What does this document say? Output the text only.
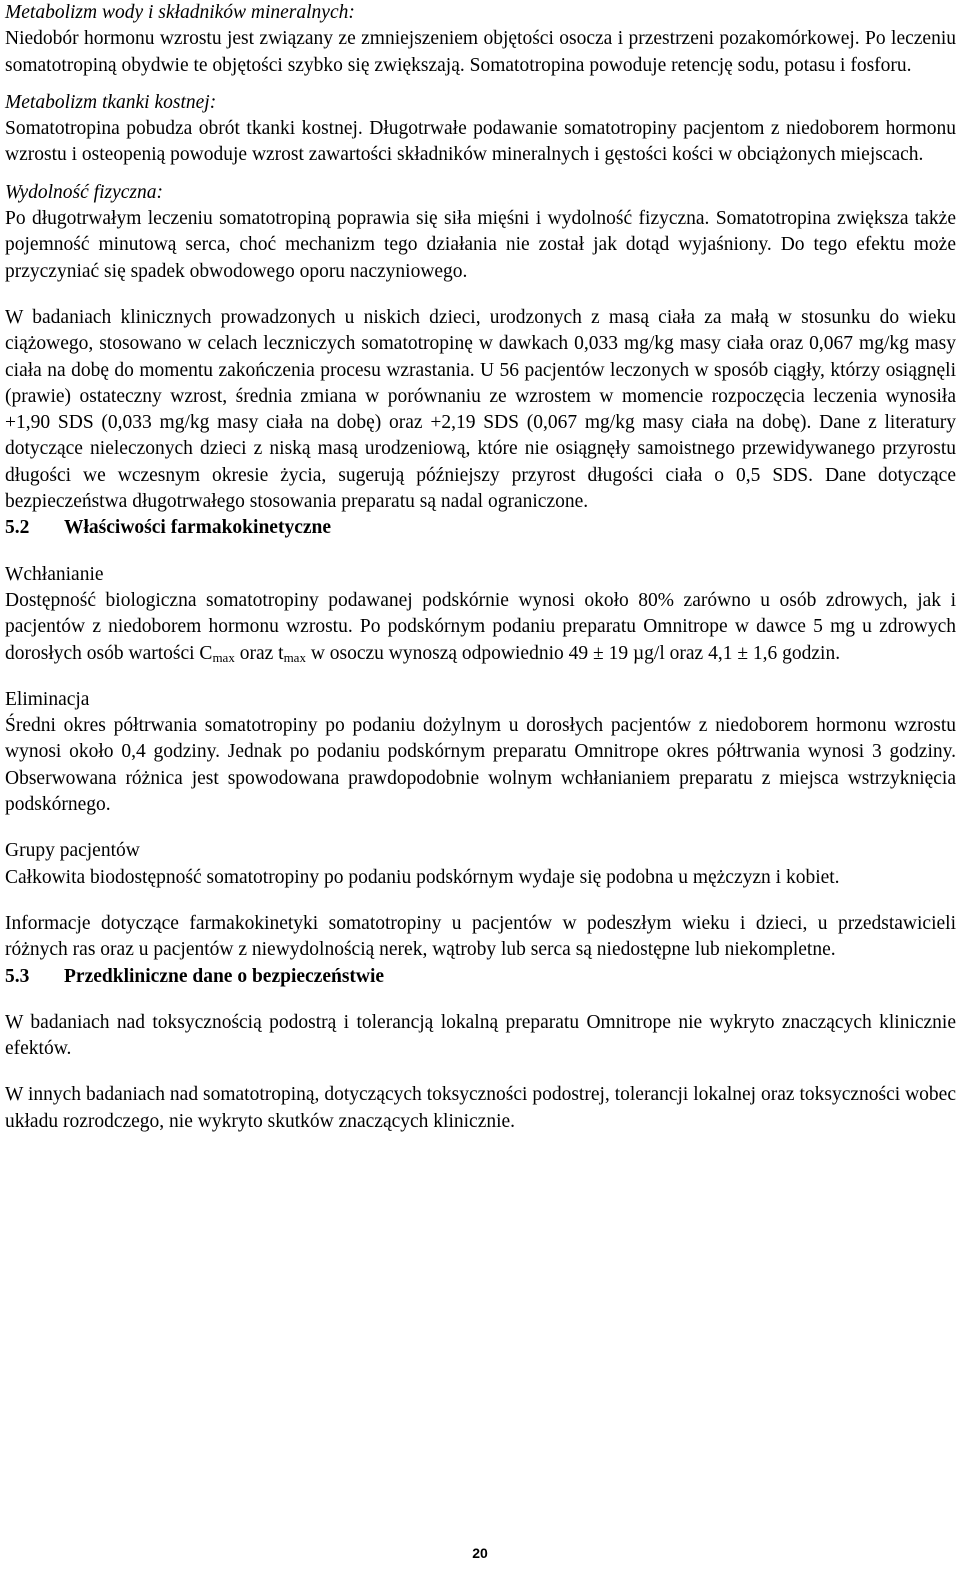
Metabolizm wody i składników mineralnych:

Niedobór hormonu wzrostu jest związany ze zmniejszeniem objętości osocza i przestrzeni pozakomórkowej. Po leczeniu somatotropiną obydwie te objętości szybko się zwiększają. Somatotropina powoduje retencję sodu, potasu i fosforu.

Metabolizm tkanki kostnej:

Somatotropina pobudza obrót tkanki kostnej. Długotrwałe podawanie somatotropiny pacjentom z niedoborem hormonu wzrostu i osteopenią powoduje wzrost zawartości składników mineralnych i gęstości kości w obciążonych miejscach.

Wydolność fizyczna:

Po długotrwałym leczeniu somatotropiną poprawia się siła mięśni i wydolność fizyczna. Somatotropina zwiększa także pojemność minutową serca, choć mechanizm tego działania nie został jak dotąd wyjaśniony. Do tego efektu może przyczyniać się spadek obwodowego oporu naczyniowego.

W badaniach klinicznych prowadzonych u niskich dzieci, urodzonych z masą ciała za małą w stosunku do wieku ciążowego, stosowano w celach leczniczych somatotropinę w dawkach 0,033 mg/kg masy ciała oraz 0,067 mg/kg masy ciała na dobę do momentu zakończenia procesu wzrastania. U 56 pacjentów leczonych w sposób ciągły, którzy osiągnęli (prawie) ostateczny wzrost, średnia zmiana w porównaniu ze wzrostem w momencie rozpoczęcia leczenia wynosiła +1,90 SDS (0,033 mg/kg masy ciała na dobę) oraz +2,19 SDS (0,067 mg/kg masy ciała na dobę). Dane z literatury dotyczące nieleczonych dzieci z niską masą urodzeniową, które nie osiągnęły samoistnego przewidywanego przyrostu długości we wczesnym okresie życia, sugerują późniejszy przyrost długości ciała o 0,5 SDS. Dane dotyczące bezpieczeństwa długotrwałego stosowania preparatu są nadal ograniczone.

5.2 Właściwości farmakokinetyczne

Wchłanianie

Dostępność biologiczna somatotropiny podawanej podskórnie wynosi około 80% zarówno u osób zdrowych, jak i pacjentów z niedoborem hormonu wzrostu. Po podskórnym podaniu preparatu Omnitrope w dawce 5 mg u zdrowych dorosłych osób wartości $C_{max}$ oraz $t_{max}$ w osoczu wynoszą odpowiednio 49 ± 19 µg/l oraz 4,1 ± 1,6 godzin.

Eliminacja

Średni okres półtrwania somatotropiny po podaniu dożylnym u dorosłych pacjentów z niedoborem hormonu wzrostu wynosi około 0,4 godziny. Jednak po podaniu podskórnym preparatu Omnitrope okres półtrwania wynosi 3 godziny. Obserwowana różnica jest spowodowana prawdopodobnie wolnym wchłanianiem preparatu z miejsca wstrzyknięcia podskórnego.

Grupy pacjentów

Całkowita biodostępność somatotropiny po podaniu podskórnym wydaje się podobna u mężczyzn i kobiet.

Informacje dotyczące farmakokinetyki somatotropiny u pacjentów w podeszłym wieku i dzieci, u przedstawicieli różnych ras oraz u pacjentów z niewydolnością nerek, wątroby lub serca są niedostępne lub niekompletne.

5.3 Przedkliniczne dane o bezpieczeństwie

W badaniach nad toksycznością podostrą i tolerancją lokalną preparatu Omnitrope nie wykryto znaczących klinicznie efektów.

W innych badaniach nad somatotropiną, dotyczących toksyczności podostrej, tolerancji lokalnej oraz toksyczności wobec układu rozrodczego, nie wykryto skutków znaczących klinicznie.

20
